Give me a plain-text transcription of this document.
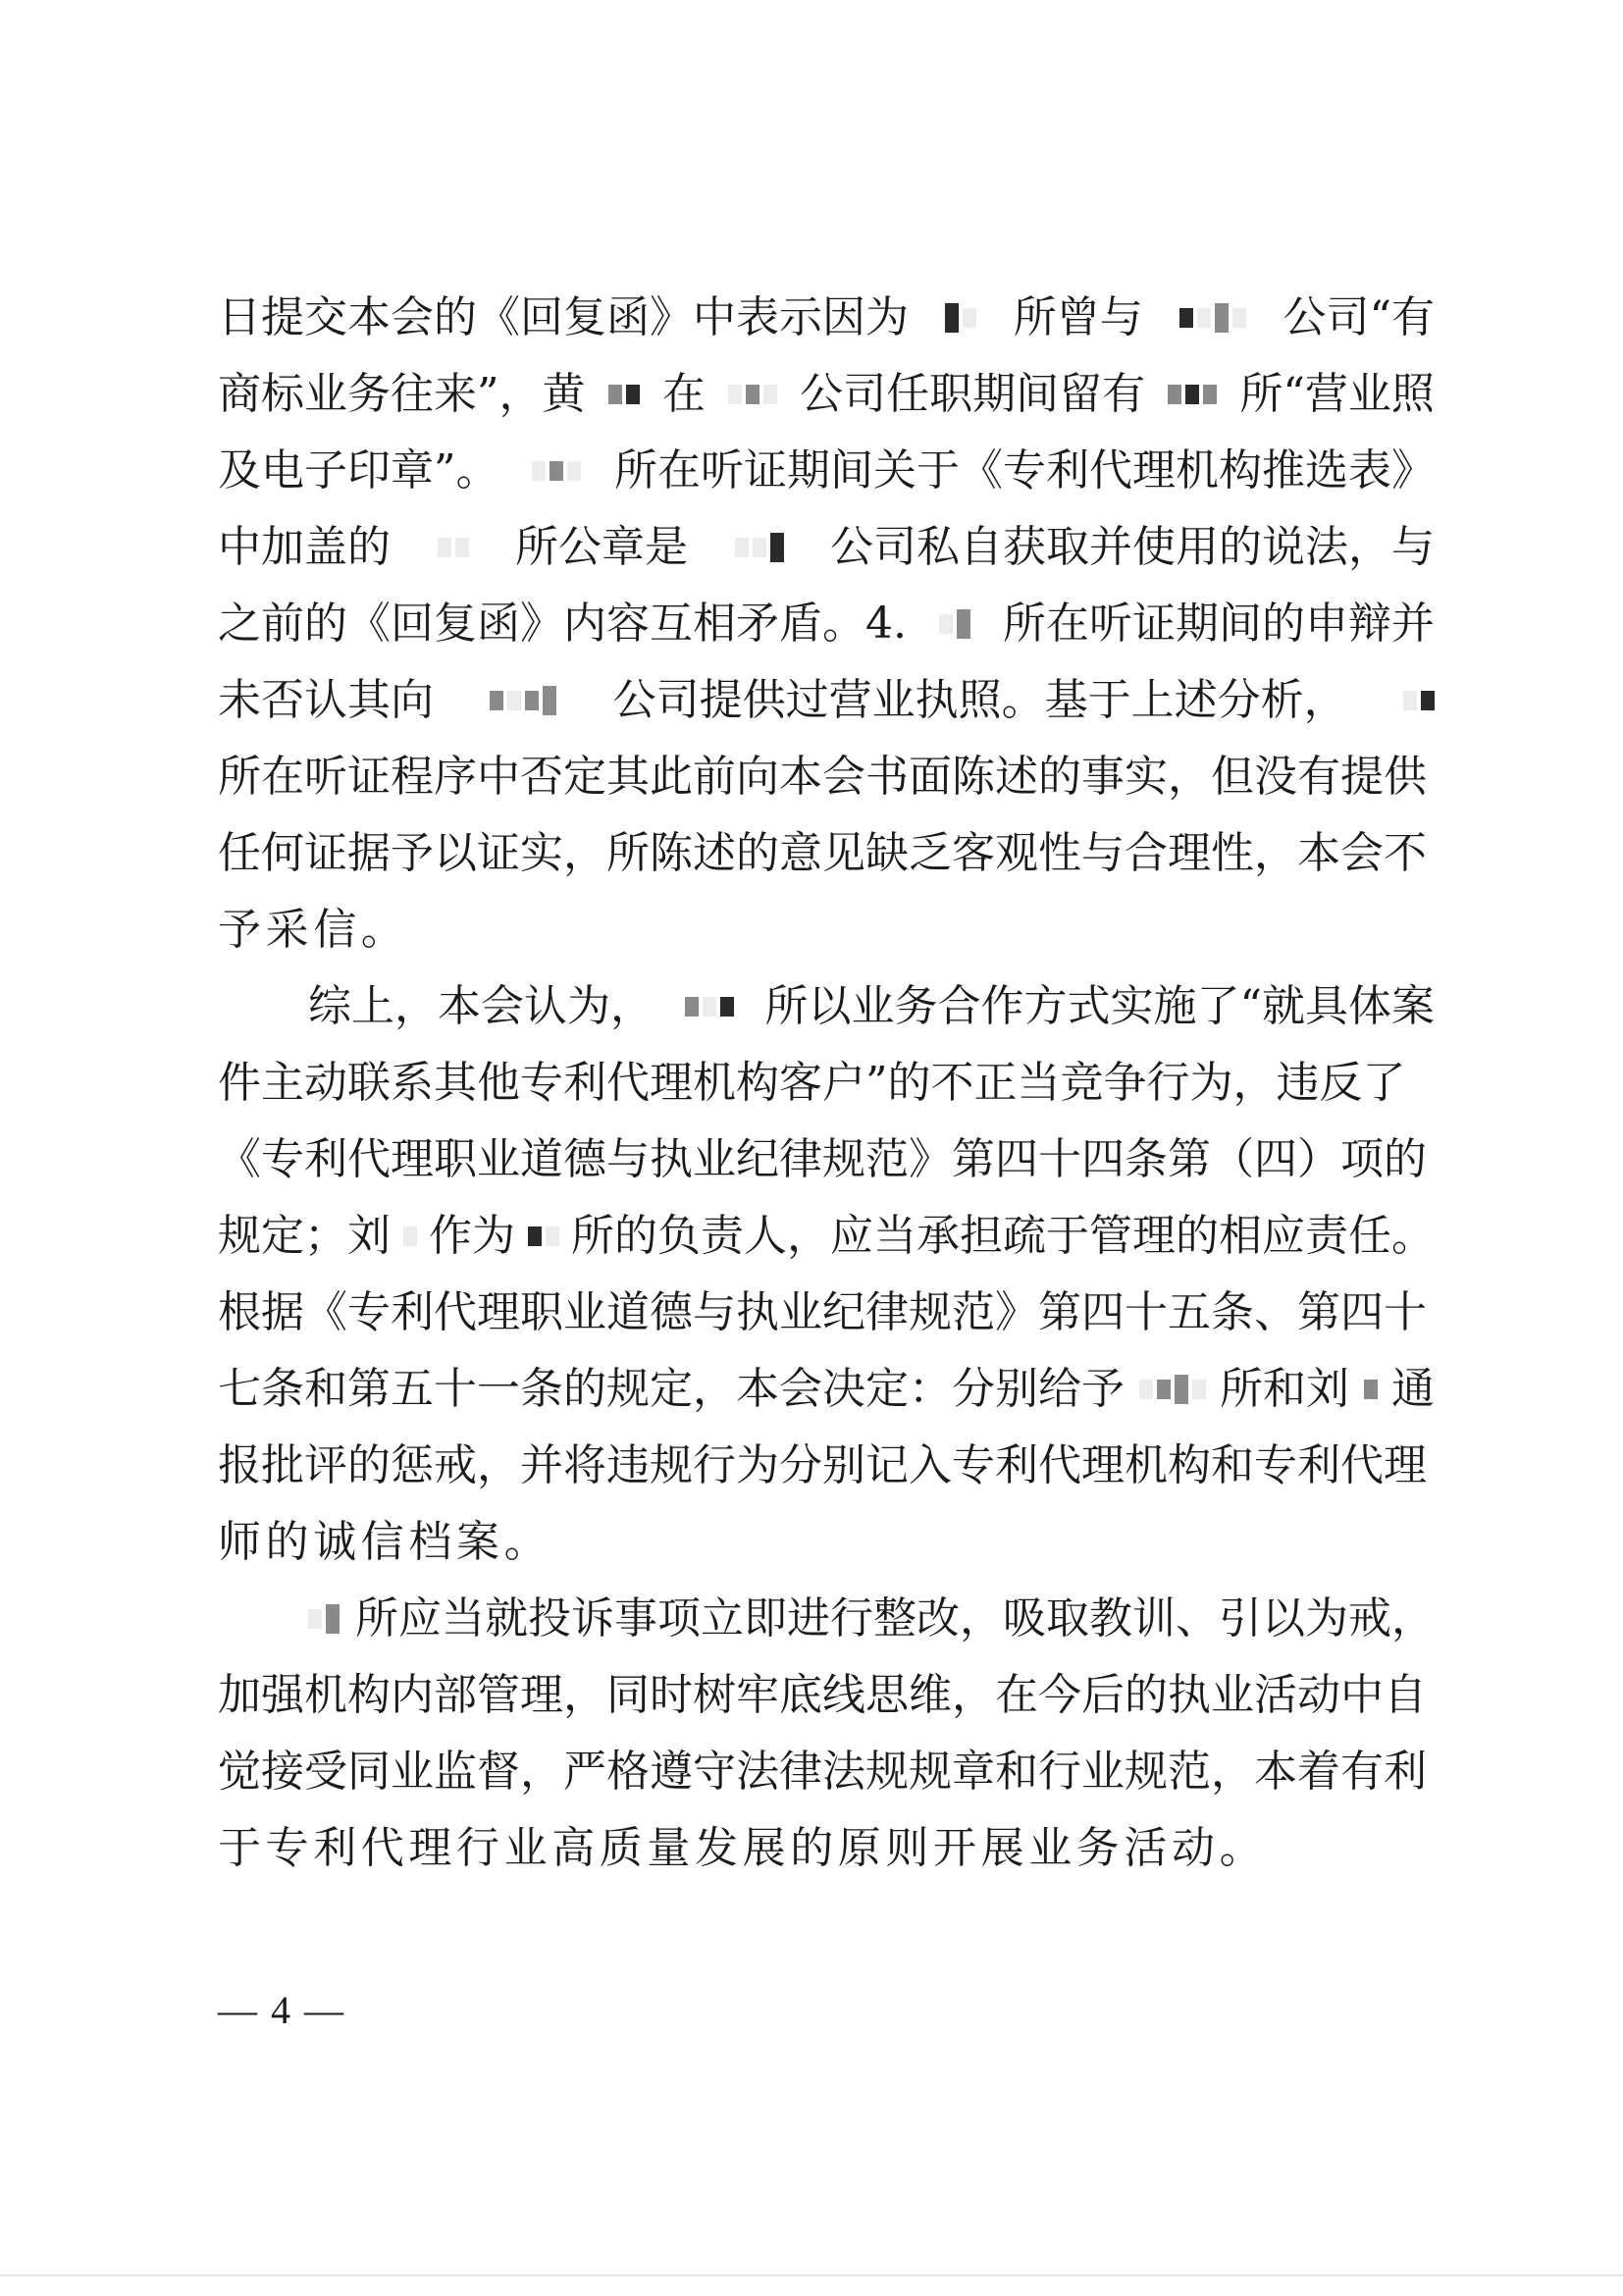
日提交本会的《回复函》中表示因为 所曾与	公司“有
商标业务往来”，黄 在 公司任职期间留有 所“营业照
及电子印章”。	所在听证期间关于《专利代理机构推选表》
中加盖的	所公章是	公司私自获取并使用的说法，与
之前的《回复函》内容互相矛盾。4. 所在听证期间的申辩并
未否认其向	公司提供过营业执照。基于上述分析，
所在听证程序中否定其此前向本会书面陈述的事实，但没有提供
任何证据予以证实，所陈述的意见缺乏客观性与合理性，本会不
予采信。
综上，本会认为，	所以业务合作方式实施了“就具体案
件主动联系其他专利代理机构客户”的不正当竞争行为，违反了
《专利代理职业道德与执业纪律规范》第四十四条第（四）项的
规定；刘 作为 所的负责人，应当承担疏于管理的相应责任。
根据《专利代理职业道德与执业纪律规范》第四十五条、第四十
七条和第五十一条的规定，本会决定：分别给予 所和刘 通
报批评的惩戒，并将违规行为分别记入专利代理机构和专利代理
师的诚信档案。
所应当就投诉事项立即进行整改，吸取教训、引以为戒，
加强机构内部管理，同时树牢底线思维，在今后的执业活动中自
觉接受同业监督，严格遵守法律法规规章和行业规范，本着有利
于专利代理行业高质量发展的原则开展业务活动。
— 4 —
